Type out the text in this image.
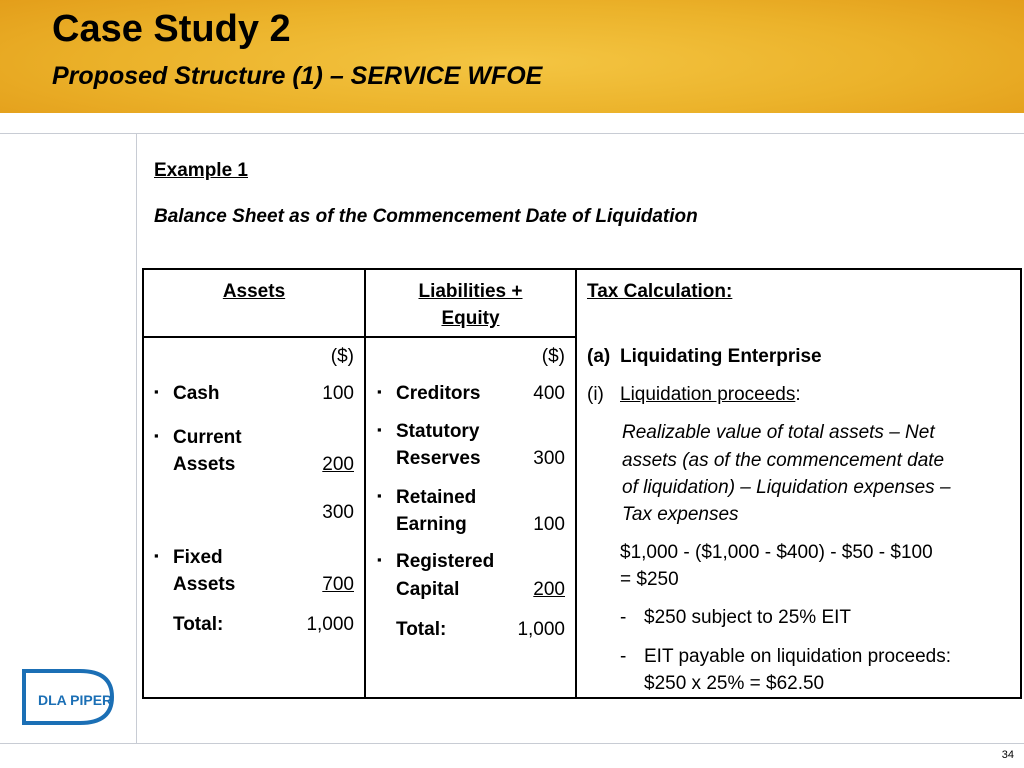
Case Study 2
Proposed Structure (1) – SERVICE WFOE
Example 1
Balance Sheet as of the Commencement Date of Liquidation
Assets
($)
▪ Cash	100
▪ Current
Assets	200
300
▪ Fixed
Assets	700
Total:	1,000
Liabilities +
Equity
($)
▪ Creditors	400
▪ Statutory
Reserves	300
▪ Retained
Earning	100
▪ Registered
Capital	200
Total:	1,000
Tax Calculation:
(a) Liquidating Enterprise
(i) Liquidation proceeds:
Realizable value of total assets – Net
assets (as of the commencement date
of liquidation) – Liquidation expenses –
Tax expenses
$1,000 - ($1,000 - $400) - $50 - $100
= $250
- $250 subject to 25% EIT
- EIT payable on liquidation proceeds:
$250 x 25% = $62.50
DLA PIPER
34
